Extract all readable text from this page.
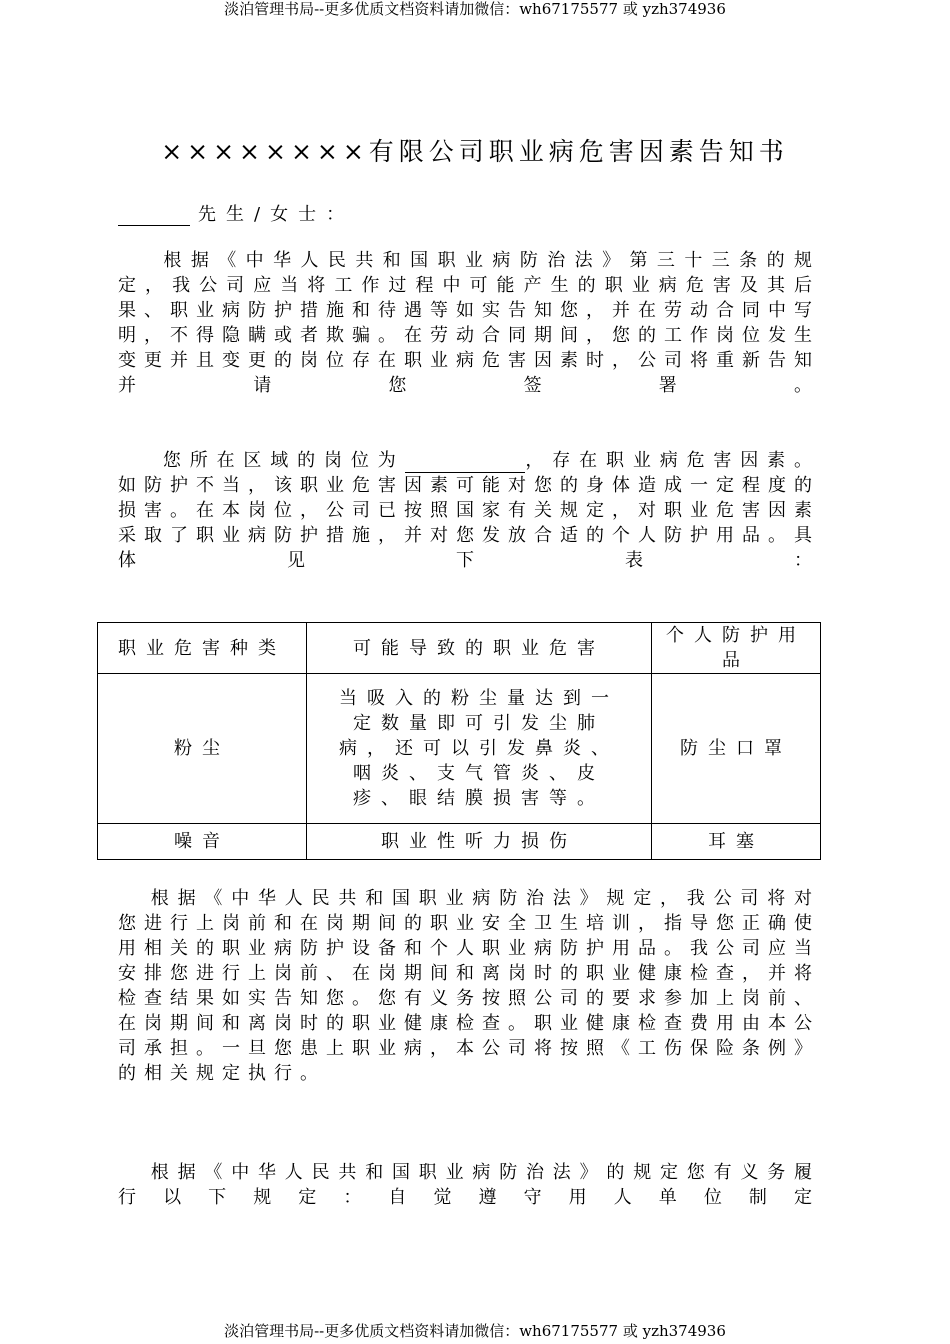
淡泊管理书局--更多优质文档资料请加微信：wh67175577 或 yzh374936
××××××××有限公司职业病危害因素告知书
先生/女士：
根据《中华人民共和国职业病防治法》第三十三条的规定，我公司应当将工作过程中可能产生的职业病危害及其后果、职业病防护措施和待遇等如实告知您，并在劳动合同中写明，不得隐瞒或者欺骗。在劳动合同期间，您的工作岗位发生变更并且变更的岗位存在职业病危害因素时，公司将重新告知并请您签署。
您所在区域的岗位为	，存在职业病危害因素。如防护不当，该职业危害因素可能对您的身体造成一定程度的损害。在本岗位，公司已按照国家有关规定，对职业危害因素采取了职业病防护措施，并对您发放合适的个人防护用品。具体见下表：
职业危害种类	可能导致的职业危害	个人防护用品
粉尘	当吸入的粉尘量达到一定数量即可引发尘肺病，还可以引发鼻炎、咽炎、支气管炎、皮疹、眼结膜损害等。	防尘口罩
噪音	职业性听力损伤	耳塞
根据《中华人民共和国职业病防治法》规定，我公司将对您进行上岗前和在岗期间的职业安全卫生培训，指导您正确使用相关的职业病防护设备和个人职业病防护用品。我公司应当安排您进行上岗前、在岗期间和离岗时的职业健康检查，并将检查结果如实告知您。您有义务按照公司的要求参加上岗前、在岗期间和离岗时的职业健康检查。职业健康检查费用由本公司承担。一旦您患上职业病，本公司将按照《工伤保险条例》的相关规定执行。
根据《中华人民共和国职业病防治法》的规定您有义务履行以下规定：自觉遵守用人单位制定
淡泊管理书局--更多优质文档资料请加微信：wh67175577 或 yzh374936
